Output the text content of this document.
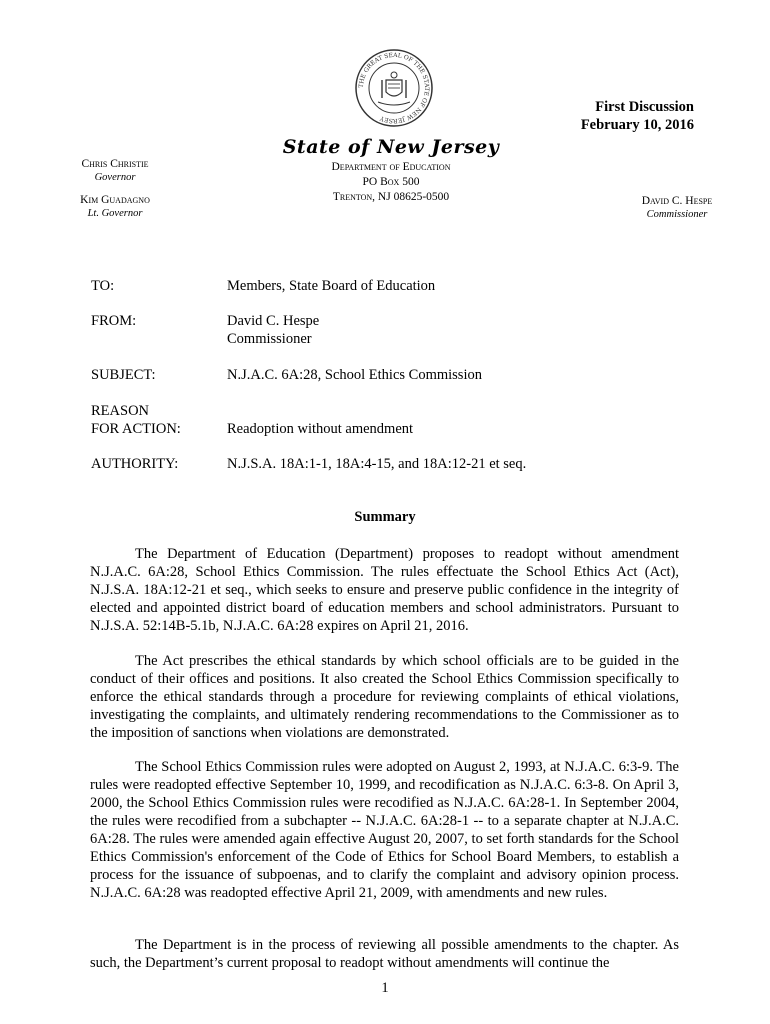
THE GREAT SEAL OF THE STATE OF NEW JERSEY
State of New Jersey
Department of Education
PO Box 500
Trenton, NJ 08625-0500
Chris Christie
Governor
Kim Guadagno
Lt. Governor
David C. Hespe
Commissioner
First Discussion
February 10, 2016
TO:	Members, State Board of Education
FROM:	David C. Hespe
Commissioner
SUBJECT:	N.J.A.C. 6A:28, School Ethics Commission
REASON
FOR ACTION:	Readoption without amendment
AUTHORITY:	N.J.S.A. 18A:1-1, 18A:4-15, and 18A:12-21 et seq.
Summary
The Department of Education (Department) proposes to readopt without amendment N.J.A.C. 6A:28, School Ethics Commission. The rules effectuate the School Ethics Act (Act), N.J.S.A. 18A:12-21 et seq., which seeks to ensure and preserve public confidence in the integrity of elected and appointed district board of education members and school administrators. Pursuant to N.J.S.A. 52:14B-5.1b, N.J.A.C. 6A:28 expires on April 21, 2016.
The Act prescribes the ethical standards by which school officials are to be guided in the conduct of their offices and positions. It also created the School Ethics Commission specifically to enforce the ethical standards through a procedure for reviewing complaints of ethical violations, investigating the complaints, and ultimately rendering recommendations to the Commissioner as to the imposition of sanctions when violations are demonstrated.
The School Ethics Commission rules were adopted on August 2, 1993, at N.J.A.C. 6:3-9. The rules were readopted effective September 10, 1999, and recodification as N.J.A.C. 6:3-8. On April 3, 2000, the School Ethics Commission rules were recodified as N.J.A.C. 6A:28-1. In September 2004, the rules were recodified from a subchapter -- N.J.A.C. 6A:28-1 -- to a separate chapter at N.J.A.C. 6A:28. The rules were amended again effective August 20, 2007, to set forth standards for the School Ethics Commission's enforcement of the Code of Ethics for School Board Members, to establish a process for the issuance of subpoenas, and to clarify the complaint and advisory opinion process. N.J.A.C. 6A:28 was readopted effective April 21, 2009, with amendments and new rules.
The Department is in the process of reviewing all possible amendments to the chapter. As such, the Department’s current proposal to readopt without amendments will continue the
1
